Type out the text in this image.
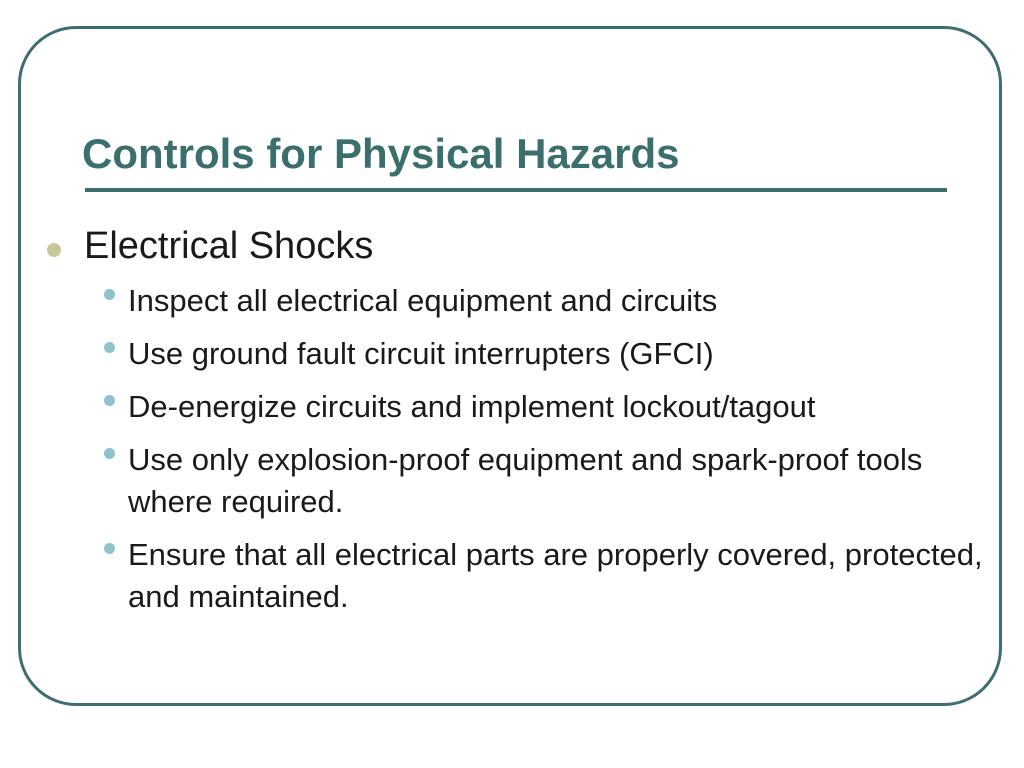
Controls for Physical Hazards
Electrical Shocks
Inspect all electrical equipment and circuits
Use ground fault circuit interrupters (GFCI)
De-energize circuits and implement lockout/tagout
Use only explosion-proof equipment and spark-proof tools where required.
Ensure that all electrical parts are properly covered, protected, and maintained.
